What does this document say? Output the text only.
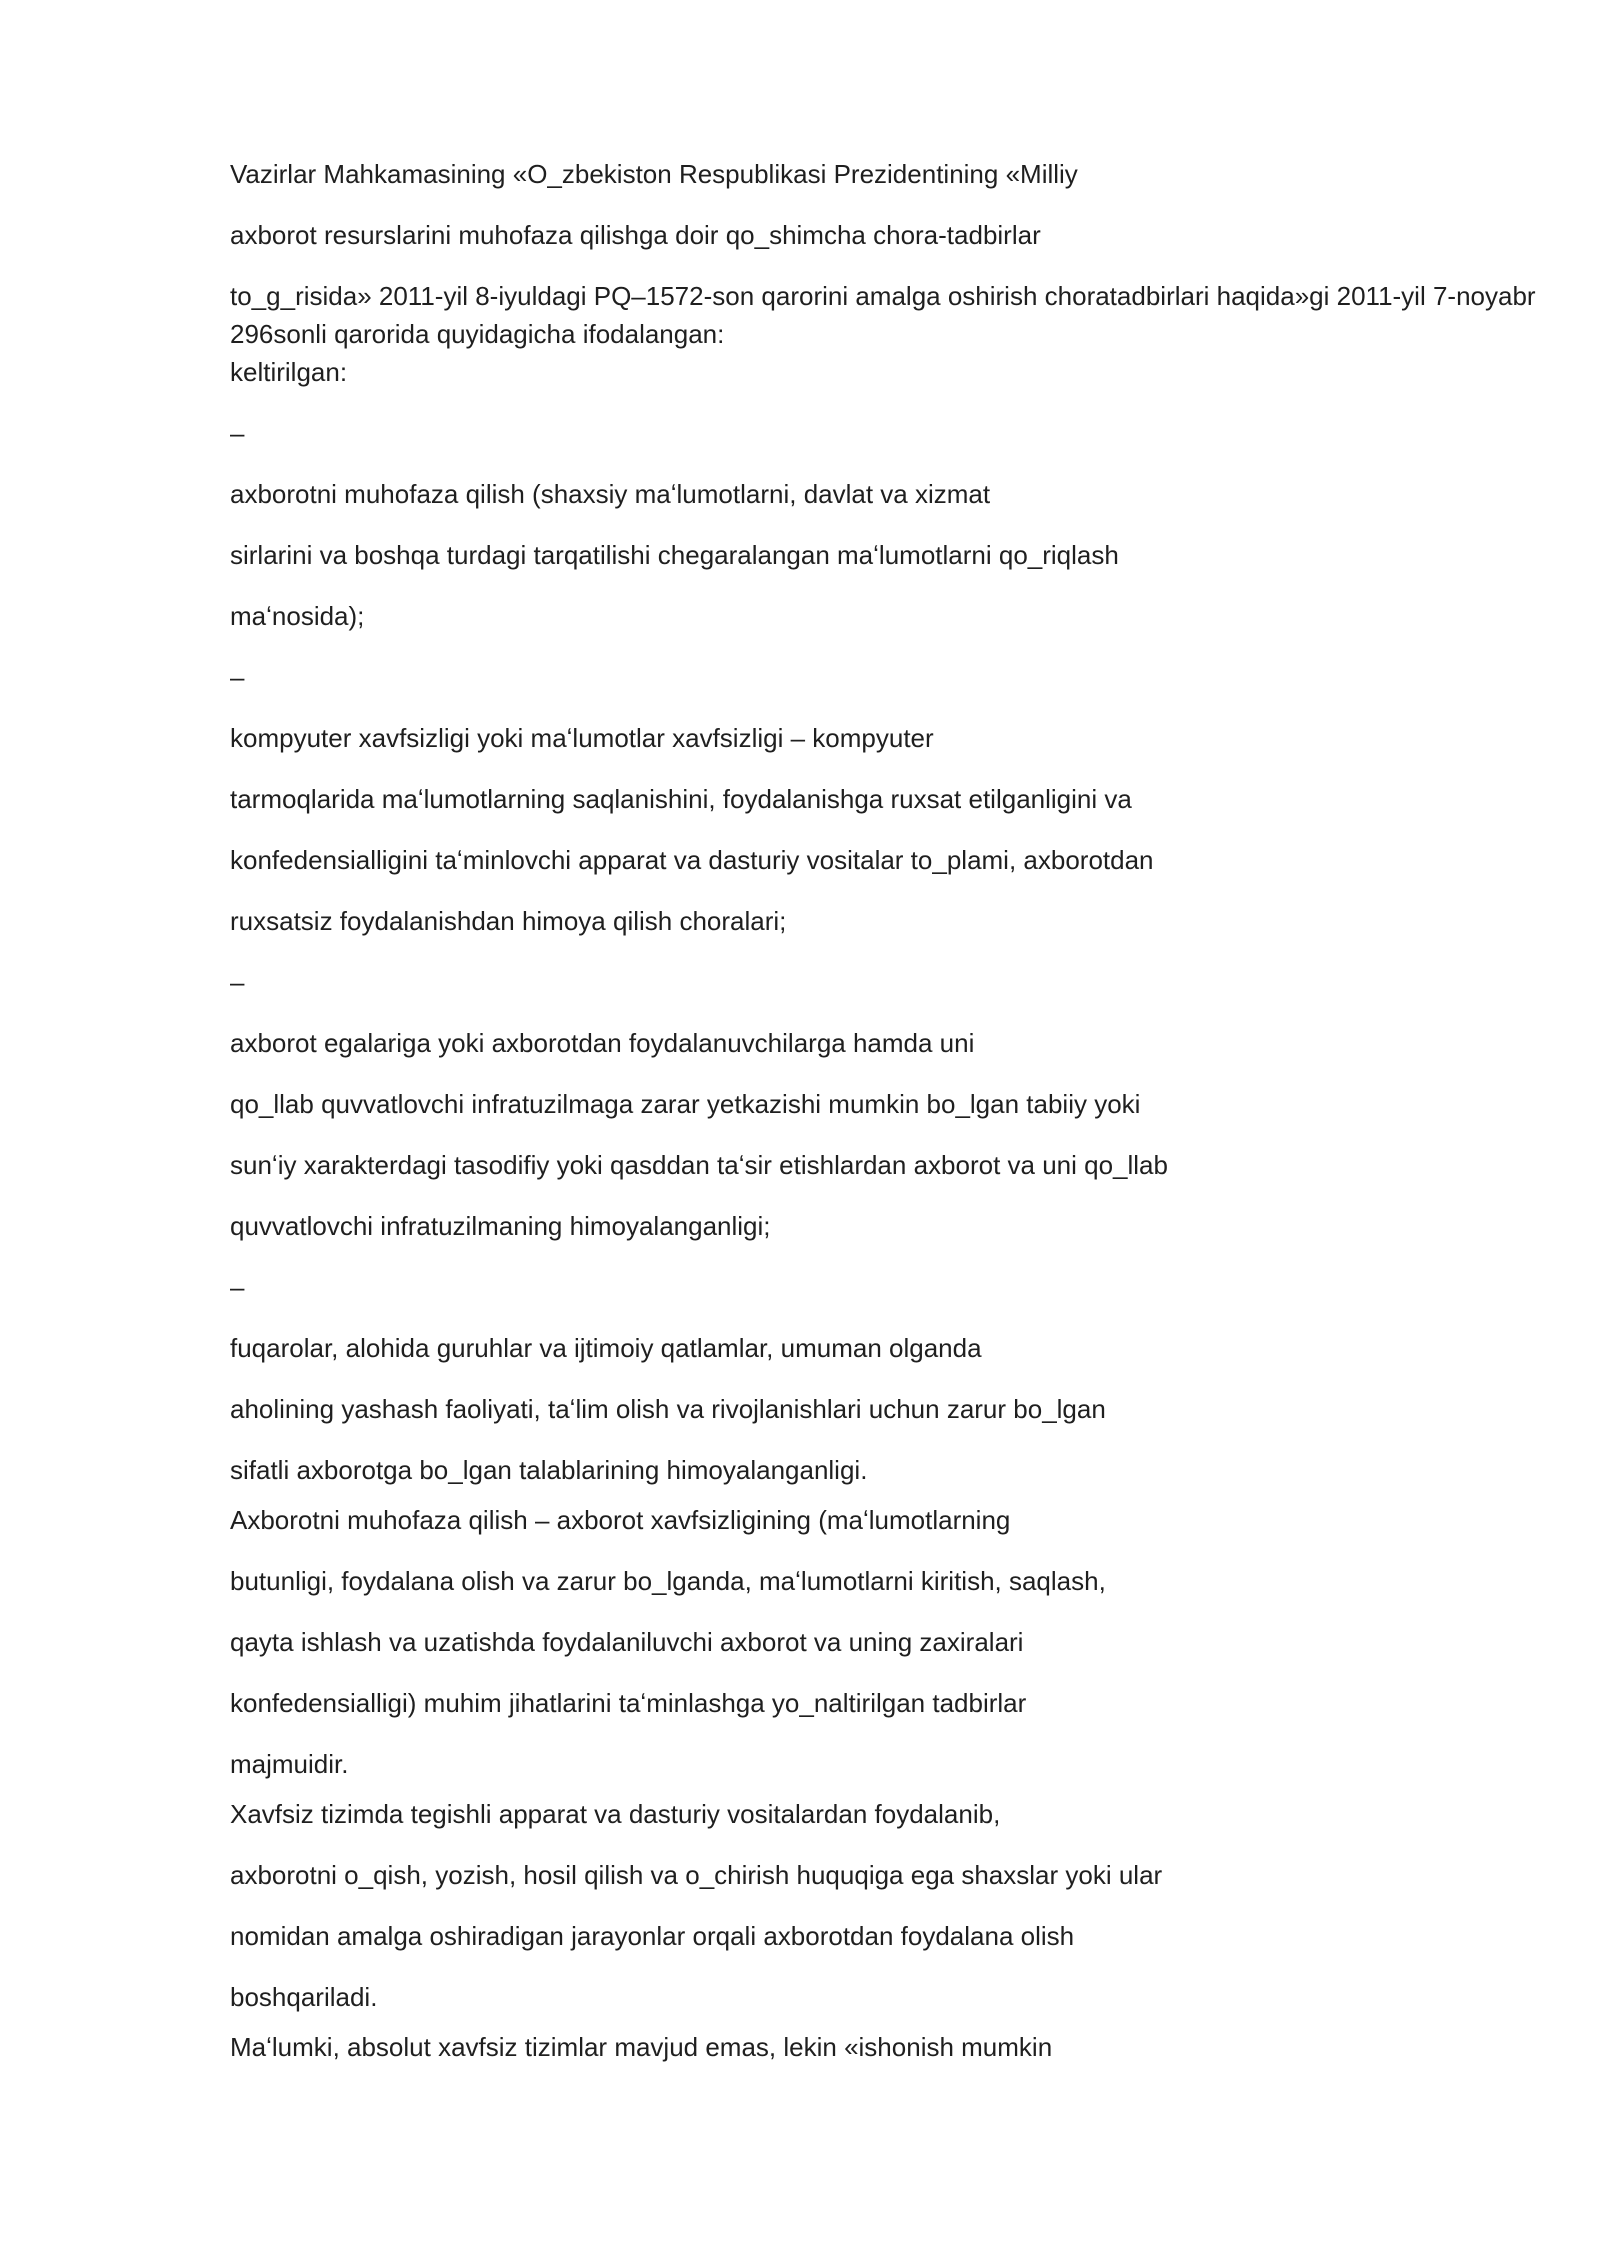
Vazirlar Mahkamasining «O_zbekiston Respublikasi Prezidentining «Milliy
axborot resurslarini muhofaza qilishga doir qo_shimcha chora-tadbirlar
to_g_risida» 2011-yil 8-iyuldagi PQ–1572-son qarorini amalga oshirish choratadbirlari haqida»gi 2011-yil 7-noyabr 296sonli qarorida quyidagicha ifodalangan:
keltirilgan:
–
axborotni muhofaza qilish (shaxsiy maʻlumotlarni, davlat va xizmat
sirlarini va boshqa turdagi tarqatilishi chegaralangan maʻlumotlarni qo_riqlash
maʻnosida);
–
kompyuter xavfsizligi yoki maʻlumotlar xavfsizligi – kompyuter
tarmoqlarida maʻlumotlarning saqlanishini, foydalanishga ruxsat etilganligini va
konfedensialligini taʻminlovchi apparat va dasturiy vositalar to_plami, axborotdan
ruxsatsiz foydalanishdan himoya qilish choralari;
–
axborot egalariga yoki axborotdan foydalanuvchilarga hamda uni
qo_llab quvvatlovchi infratuzilmaga zarar yetkazishi mumkin bo_lgan tabiiy yoki
sunʻiy xarakterdagi tasodifiy yoki qasddan taʻsir etishlardan axborot va uni qo_llab
quvvatlovchi infratuzilmaning himoyalanganligi;
–
fuqarolar, alohida guruhlar va ijtimoiy qatlamlar, umuman olganda
aholining yashash faoliyati, taʻlim olish va rivojlanishlari uchun zarur bo_lgan
sifatli axborotga bo_lgan talablarining himoyalanganligi.
Axborotni muhofaza qilish – axborot xavfsizligining (maʻlumotlarning
butunligi, foydalana olish va zarur bo_lganda, maʻlumotlarni kiritish, saqlash,
qayta ishlash va uzatishda foydalaniluvchi axborot va uning zaxiralari
konfedensialligi) muhim jihatlarini taʻminlashga yo_naltirilgan tadbirlar
majmuidir.
Xavfsiz tizimda tegishli apparat va dasturiy vositalardan foydalanib,
axborotni o_qish, yozish, hosil qilish va o_chirish huquqiga ega shaxslar yoki ular
nomidan amalga oshiradigan jarayonlar orqali axborotdan foydalana olish
boshqariladi.
Maʻlumki, absolut xavfsiz tizimlar mavjud emas, lekin «ishonish mumkin
